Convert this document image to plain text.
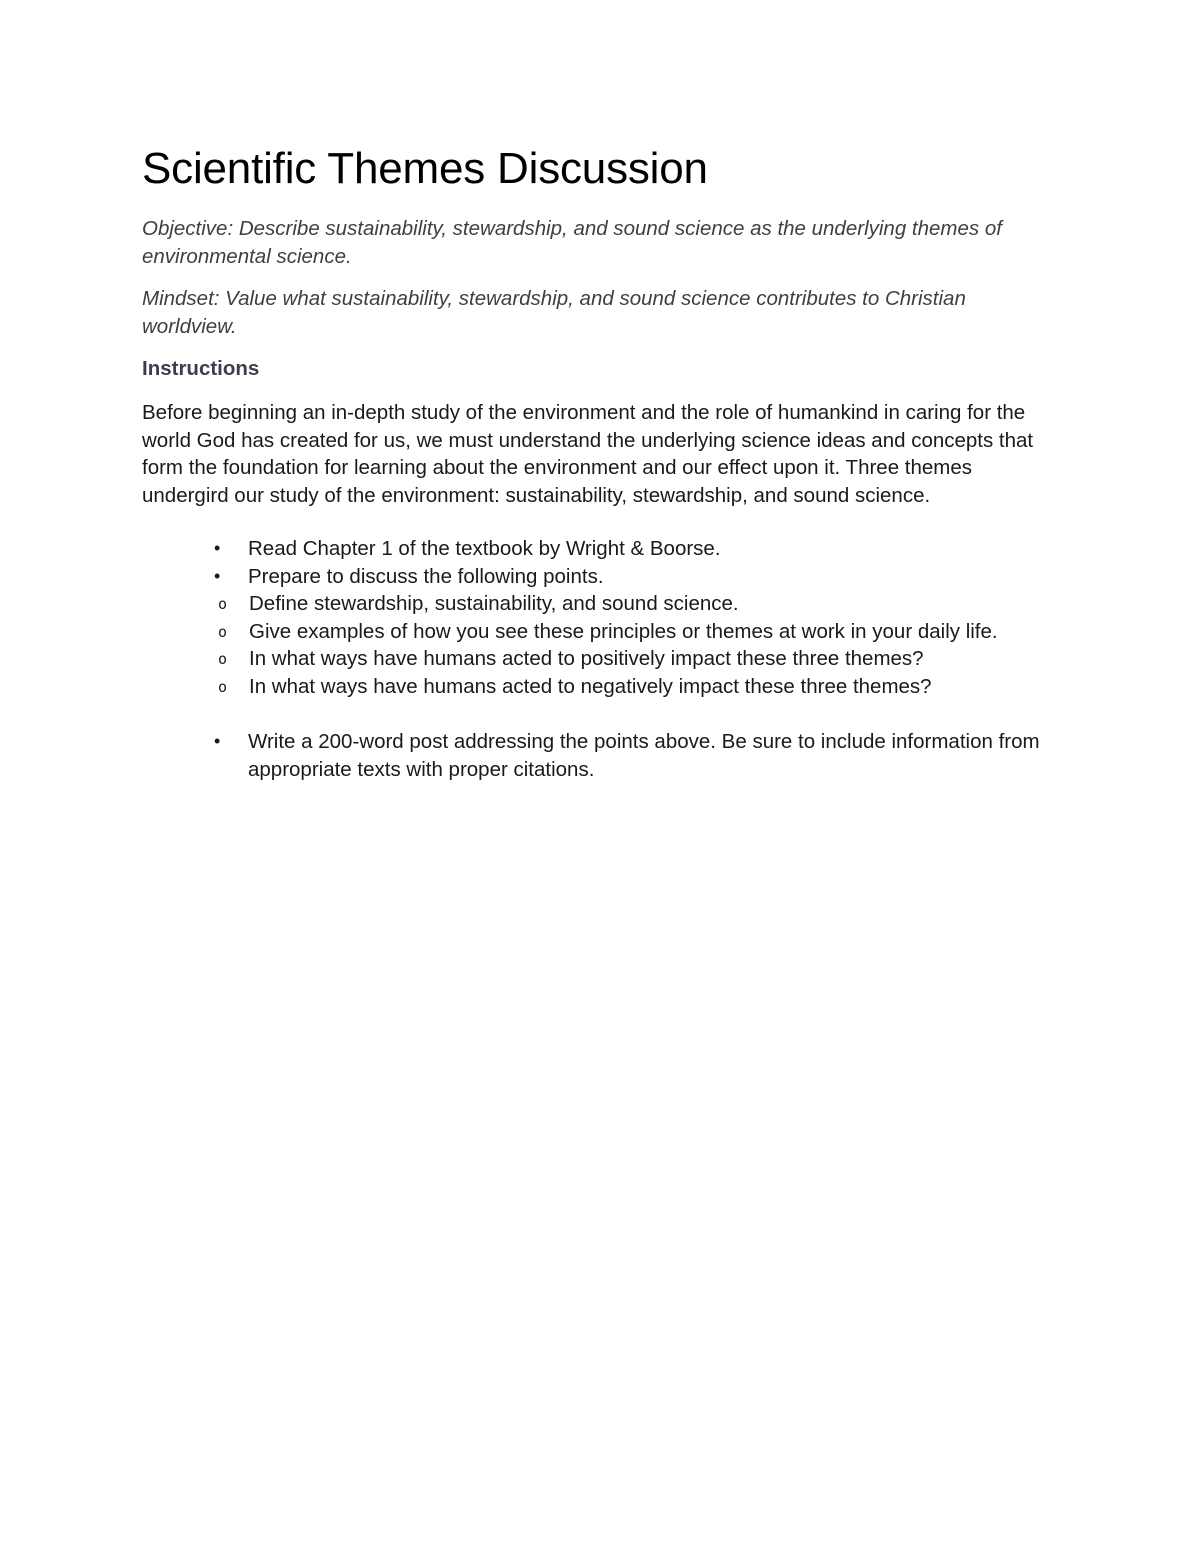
Scientific Themes Discussion

Objective: Describe sustainability, stewardship, and sound science as the underlying themes of environmental science.

Mindset: Value what sustainability, stewardship, and sound science contributes to Christian worldview.

Instructions

Before beginning an in-depth study of the environment and the role of humankind in caring for the world God has created for us, we must understand the underlying science ideas and concepts that form the foundation for learning about the environment and our effect upon it. Three themes undergird our study of the environment: sustainability, stewardship, and sound science.

• Read Chapter 1 of the textbook by Wright & Boorse.
• Prepare to discuss the following points.
o Define stewardship, sustainability, and sound science.
o Give examples of how you see these principles or themes at work in your daily life.
o In what ways have humans acted to positively impact these three themes?
o In what ways have humans acted to negatively impact these three themes?
• Write a 200-word post addressing the points above. Be sure to include information from appropriate texts with proper citations.
